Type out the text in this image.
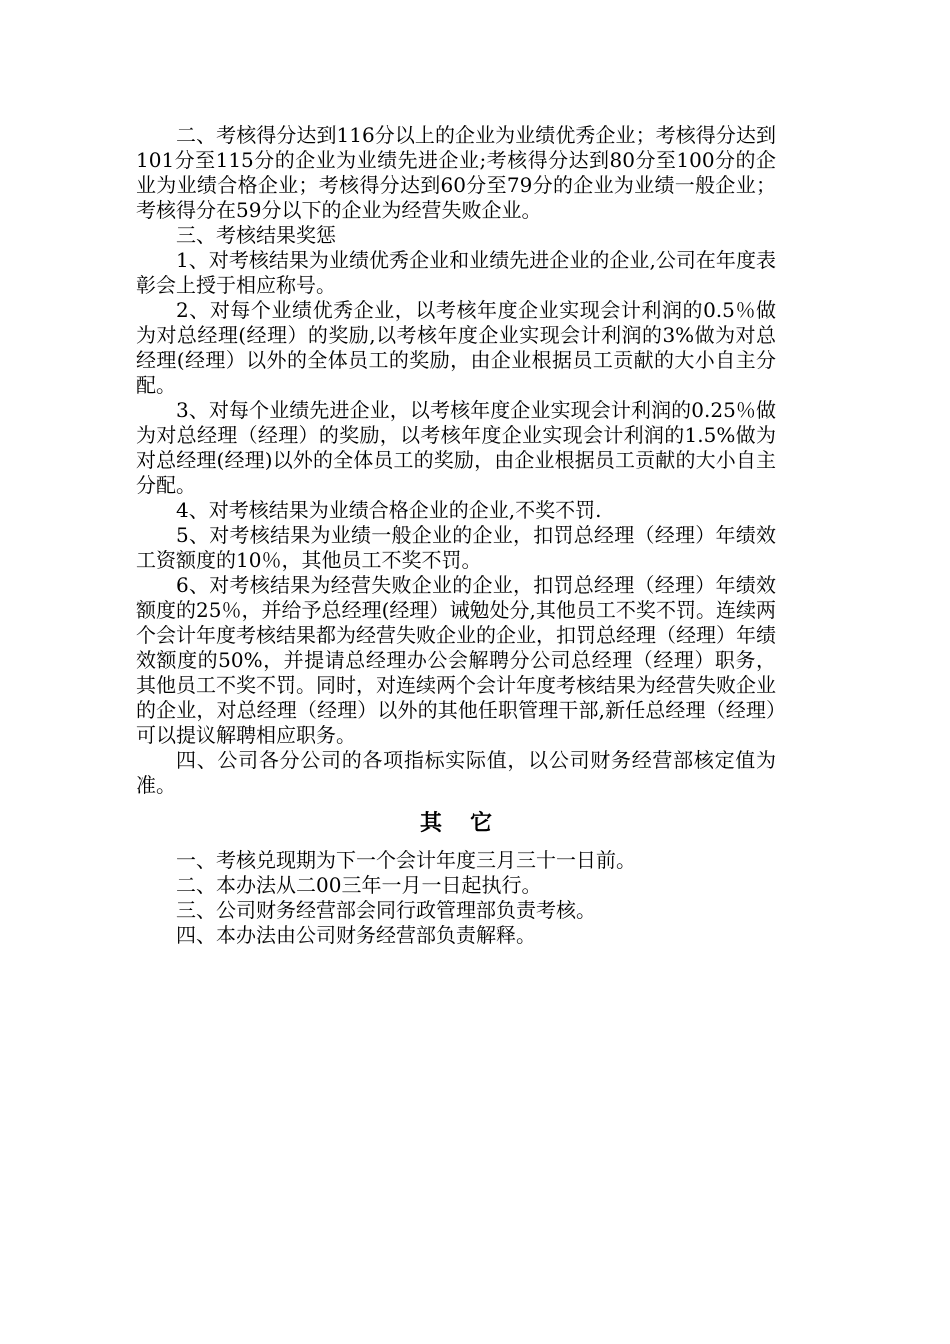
二、考核得分达到116分以上的企业为业绩优秀企业；考核得分达到101分至115分的企业为业绩先进企业;考核得分达到80分至100分的企业为业绩合格企业；考核得分达到60分至79分的企业为业绩一般企业；考核得分在59分以下的企业为经营失败企业。

三、考核结果奖惩

1、对考核结果为业绩优秀企业和业绩先进企业的企业,公司在年度表彰会上授于相应称号。

2、对每个业绩优秀企业，以考核年度企业实现会计利润的0.5％做为对总经理(经理）的奖励,以考核年度企业实现会计利润的3%做为对总经理(经理）以外的全体员工的奖励，由企业根据员工贡献的大小自主分配。

3、对每个业绩先进企业，以考核年度企业实现会计利润的0.25％做为对总经理（经理）的奖励，以考核年度企业实现会计利润的1.5%做为对总经理(经理)以外的全体员工的奖励，由企业根据员工贡献的大小自主分配。

4、对考核结果为业绩合格企业的企业,不奖不罚.

5、对考核结果为业绩一般企业的企业，扣罚总经理（经理）年绩效工资额度的10％，其他员工不奖不罚。

6、对考核结果为经营失败企业的企业，扣罚总经理（经理）年绩效额度的25％，并给予总经理(经理）诫勉处分,其他员工不奖不罚。连续两个会计年度考核结果都为经营失败企业的企业，扣罚总经理（经理）年绩效额度的50%，并提请总经理办公会解聘分公司总经理（经理）职务，其他员工不奖不罚。同时，对连续两个会计年度考核结果为经营失败企业的企业，对总经理（经理）以外的其他任职管理干部,新任总经理（经理）可以提议解聘相应职务。

四、公司各分公司的各项指标实际值，以公司财务经营部核定值为准。

其它

一、考核兑现期为下一个会计年度三月三十一日前。

二、本办法从二00三年一月一日起执行。

三、公司财务经营部会同行政管理部负责考核。

四、本办法由公司财务经营部负责解释。
